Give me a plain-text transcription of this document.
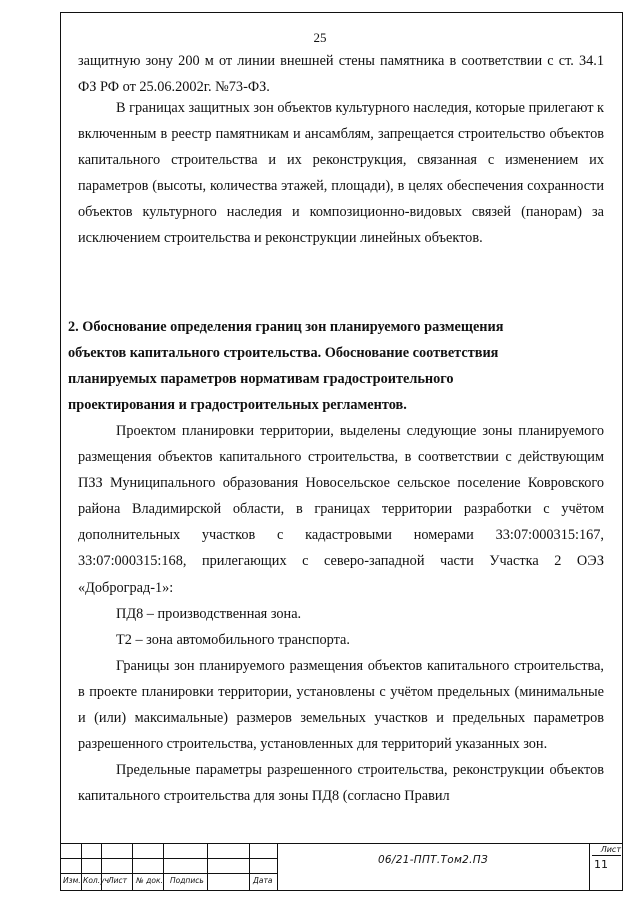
25

защитную зону 200 м от линии внешней стены памятника в соответствии с ст. 34.1 ФЗ РФ от 25.06.2002г. №73-ФЗ.

В границах защитных зон объектов культурного наследия, которые прилегают к включенным в реестр памятникам и ансамблям, запрещается строительство объектов капитального строительства и их реконструкция, связанная с изменением их параметров (высоты, количества этажей, площади), в целях обеспечения сохранности объектов культурного наследия и композиционно-видовых связей (панорам) за исключением строительства и реконструкции линейных объектов.

2. Обоснование определения границ зон планируемого размещения

объектов капитального строительства. Обоснование соответствия

планируемых параметров нормативам градостроительного

проектирования и градостроительных регламентов.

Проектом планировки территории, выделены следующие зоны планируемого размещения объектов капитального строительства, в соответствии с действующим ПЗЗ Муниципального образования Новосельское сельское поселение Ковровского района Владимирской области, в границах территории разработки с учётом дополнительных участков с кадастровыми номерами 33:07:000315:167, 33:07:000315:168, прилегающих с северо-западной части Участка 2 ОЭЗ «Доброград-1»:

ПД8 – производственная зона.

Т2 – зона автомобильного транспорта.

Границы зон планируемого размещения объектов капитального строительства, в проекте планировки территории, установлены с учётом предельных (минимальные и (или) максимальные) размеров земельных участков и предельных параметров разрешенного строительства, установленных для территорий указанных зон.

Предельные параметры разрешенного строительства, реконструкции объектов капитального строительства для зоны ПД8 (согласно Правил

Изм. Кол.уч Лист № док. Подпись	Дата
06/21-ППТ.Том2.ПЗ
Лист
11
